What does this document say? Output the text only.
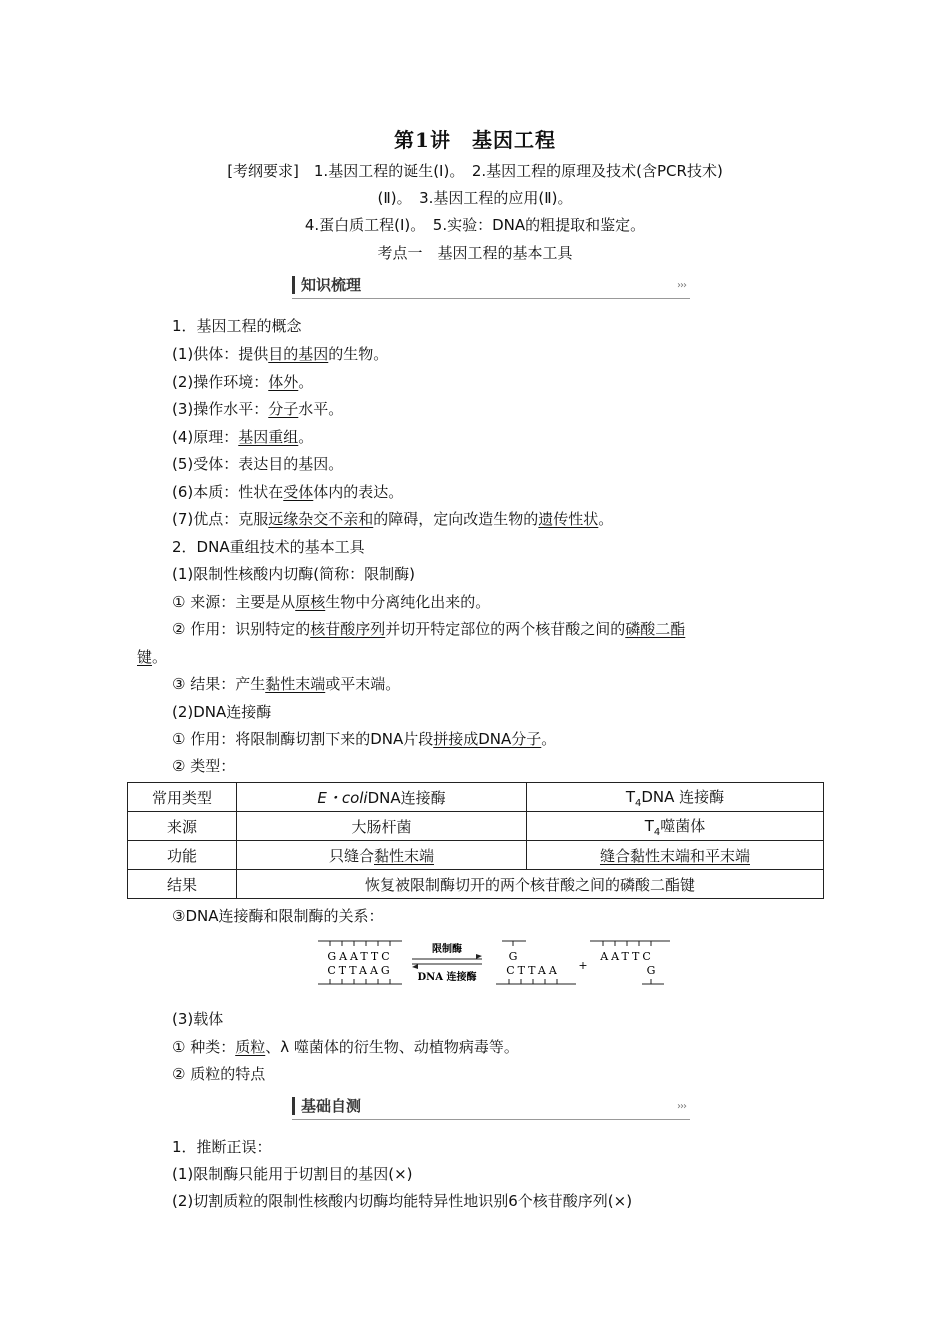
第1讲　基因工程
[考纲要求]　1.基因工程的诞生(Ⅰ)。　2.基因工程的原理及技术(含PCR技术)
(Ⅱ)。　3.基因工程的应用(Ⅱ)。
4.蛋白质工程(Ⅰ)。　5.实验：DNA的粗提取和鉴定。
考点一　基因工程的基本工具
知识梳理	›››
1．基因工程的概念
(1)供体：提供目的基因的生物。
(2)操作环境：体外。
(3)操作水平：分子水平。
(4)原理：基因重组。
(5)受体：表达目的基因。
(6)本质：性状在受体体内的表达。
(7)优点：克服远缘杂交不亲和的障碍，定向改造生物的遗传性状。
2．DNA重组技术的基本工具
(1)限制性核酸内切酶(简称：限制酶)
① 来源：主要是从原核生物中分离纯化出来的。
② 作用：识别特定的核苷酸序列并切开特定部位的两个核苷酸之间的磷酸二酯
键。
③ 结果：产生黏性末端或平末端。
(2)DNA连接酶
① 作用：将限制酶切割下来的DNA片段拼接成DNA分子。
② 类型：
常用类型	E・coliDNA连接酶	$T_4DNA$ 连接酶
来源	大肠杆菌	$T_4$噬菌体
功能	只缝合黏性末端	缝合黏性末端和平末端
结果	恢复被限制酶切开的两个核苷酸之间的磷酸二酯键	
③DNA连接酶和限制酶的关系：
GAATTC
CTTAAG
限制酶
DNA 连接酶
G
CTTAA +
AATTC
G
(3)载体
① 种类：质粒、λ 噬菌体的衍生物、动植物病毒等。
② 质粒的特点
基础自测	›››
1．推断正误：
(1)限制酶只能用于切割目的基因(×)
(2)切割质粒的限制性核酸内切酶均能特异性地识别6个核苷酸序列(×)
